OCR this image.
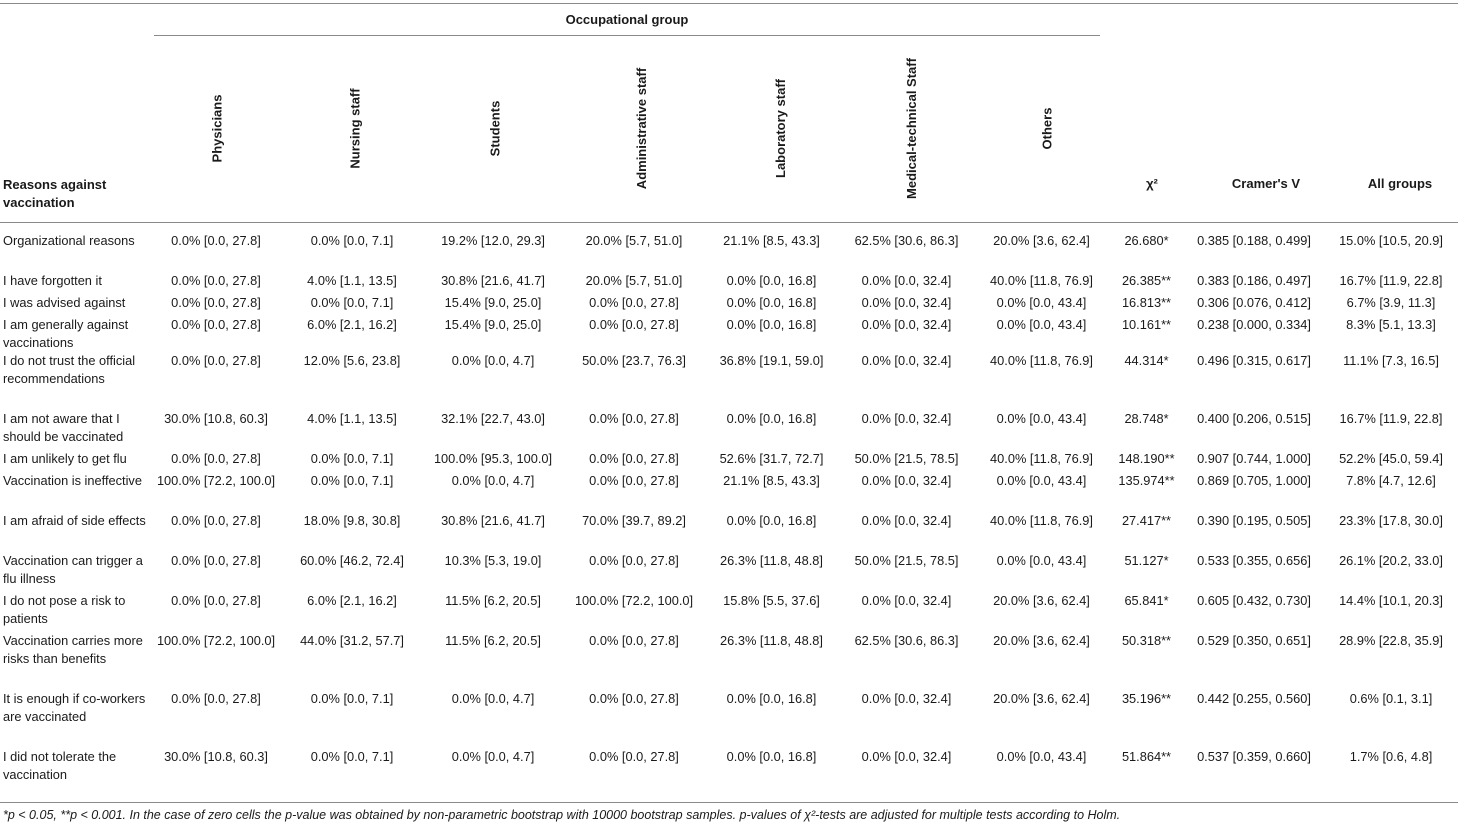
Occupational group
Reasons against vaccination
Physicians	Nursing staff	Students	Administrative staff	Laboratory staff	Medical-technical Staff	Others
χ²	Cramer's V	All groups
Organizational reasons	0.0% [0.0, 27.8]	0.0% [0.0, 7.1]	19.2% [12.0, 29.3]	20.0% [5.7, 51.0]	21.1% [8.5, 43.3]	62.5% [30.6, 86.3]	20.0% [3.6, 62.4]	26.680*	0.385 [0.188, 0.499]	15.0% [10.5, 20.9]
I have forgotten it	0.0% [0.0, 27.8]	4.0% [1.1, 13.5]	30.8% [21.6, 41.7]	20.0% [5.7, 51.0]	0.0% [0.0, 16.8]	0.0% [0.0, 32.4]	40.0% [11.8, 76.9]	26.385**	0.383 [0.186, 0.497]	16.7% [11.9, 22.8]
I was advised against	0.0% [0.0, 27.8]	0.0% [0.0, 7.1]	15.4% [9.0, 25.0]	0.0% [0.0, 27.8]	0.0% [0.0, 16.8]	0.0% [0.0, 32.4]	0.0% [0.0, 43.4]	16.813**	0.306 [0.076, 0.412]	6.7% [3.9, 11.3]
I am generally against vaccinations	0.0% [0.0, 27.8]	6.0% [2.1, 16.2]	15.4% [9.0, 25.0]	0.0% [0.0, 27.8]	0.0% [0.0, 16.8]	0.0% [0.0, 32.4]	0.0% [0.0, 43.4]	10.161**	0.238 [0.000, 0.334]	8.3% [5.1, 13.3]
I do not trust the official recommendations	0.0% [0.0, 27.8]	12.0% [5.6, 23.8]	0.0% [0.0, 4.7]	50.0% [23.7, 76.3]	36.8% [19.1, 59.0]	0.0% [0.0, 32.4]	40.0% [11.8, 76.9]	44.314*	0.496 [0.315, 0.617]	11.1% [7.3, 16.5]
I am not aware that I should be vaccinated	30.0% [10.8, 60.3]	4.0% [1.1, 13.5]	32.1% [22.7, 43.0]	0.0% [0.0, 27.8]	0.0% [0.0, 16.8]	0.0% [0.0, 32.4]	0.0% [0.0, 43.4]	28.748*	0.400 [0.206, 0.515]	16.7% [11.9, 22.8]
I am unlikely to get flu	0.0% [0.0, 27.8]	0.0% [0.0, 7.1]	100.0% [95.3, 100.0]	0.0% [0.0, 27.8]	52.6% [31.7, 72.7]	50.0% [21.5, 78.5]	40.0% [11.8, 76.9]	148.190**	0.907 [0.744, 1.000]	52.2% [45.0, 59.4]
Vaccination is ineffective	100.0% [72.2, 100.0]	0.0% [0.0, 7.1]	0.0% [0.0, 4.7]	0.0% [0.0, 27.8]	21.1% [8.5, 43.3]	0.0% [0.0, 32.4]	0.0% [0.0, 43.4]	135.974**	0.869 [0.705, 1.000]	7.8% [4.7, 12.6]
I am afraid of side effects	0.0% [0.0, 27.8]	18.0% [9.8, 30.8]	30.8% [21.6, 41.7]	70.0% [39.7, 89.2]	0.0% [0.0, 16.8]	0.0% [0.0, 32.4]	40.0% [11.8, 76.9]	27.417**	0.390 [0.195, 0.505]	23.3% [17.8, 30.0]
Vaccination can trigger a flu illness	0.0% [0.0, 27.8]	60.0% [46.2, 72.4]	10.3% [5.3, 19.0]	0.0% [0.0, 27.8]	26.3% [11.8, 48.8]	50.0% [21.5, 78.5]	0.0% [0.0, 43.4]	51.127*	0.533 [0.355, 0.656]	26.1% [20.2, 33.0]
I do not pose a risk to patients	0.0% [0.0, 27.8]	6.0% [2.1, 16.2]	11.5% [6.2, 20.5]	100.0% [72.2, 100.0]	15.8% [5.5, 37.6]	0.0% [0.0, 32.4]	20.0% [3.6, 62.4]	65.841*	0.605 [0.432, 0.730]	14.4% [10.1, 20.3]
Vaccination carries more risks than benefits	100.0% [72.2, 100.0]	44.0% [31.2, 57.7]	11.5% [6.2, 20.5]	0.0% [0.0, 27.8]	26.3% [11.8, 48.8]	62.5% [30.6, 86.3]	20.0% [3.6, 62.4]	50.318**	0.529 [0.350, 0.651]	28.9% [22.8, 35.9]
It is enough if co-workers are vaccinated	0.0% [0.0, 27.8]	0.0% [0.0, 7.1]	0.0% [0.0, 4.7]	0.0% [0.0, 27.8]	0.0% [0.0, 16.8]	0.0% [0.0, 32.4]	20.0% [3.6, 62.4]	35.196**	0.442 [0.255, 0.560]	0.6% [0.1, 3.1]
I did not tolerate the vaccination	30.0% [10.8, 60.3]	0.0% [0.0, 7.1]	0.0% [0.0, 4.7]	0.0% [0.0, 27.8]	0.0% [0.0, 16.8]	0.0% [0.0, 32.4]	0.0% [0.0, 43.4]	51.864**	0.537 [0.359, 0.660]	1.7% [0.6, 4.8]
*p < 0.05, **p < 0.001. In the case of zero cells the p-value was obtained by non-parametric bootstrap with 10000 bootstrap samples. p-values of χ²-tests are adjusted for multiple tests according to Holm.
